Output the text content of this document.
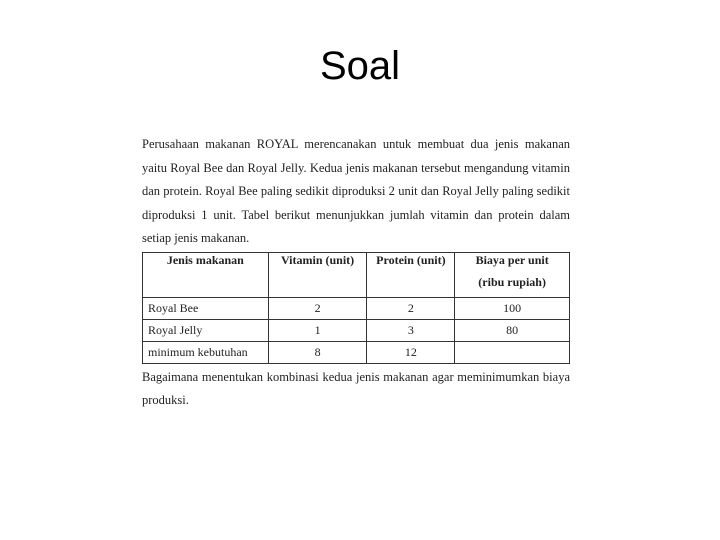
Soal

Perusahaan makanan ROYAL merencanakan untuk membuat dua jenis makanan yaitu Royal Bee dan Royal Jelly. Kedua jenis makanan tersebut mengandung vitamin dan protein. Royal Bee paling sedikit diproduksi 2 unit dan Royal Jelly paling sedikit diproduksi 1 unit. Tabel berikut menunjukkan jumlah vitamin dan protein dalam setiap jenis makanan.

Jenis makanan	Vitamin (unit)	Protein (unit)	Biaya per unit
(ribu rupiah)

Royal Bee	2	2	100
Royal Jelly	1	3	80
minimum kebutuhan	8	12	

Bagaimana menentukan kombinasi kedua jenis makanan agar meminimumkan biaya produksi.
